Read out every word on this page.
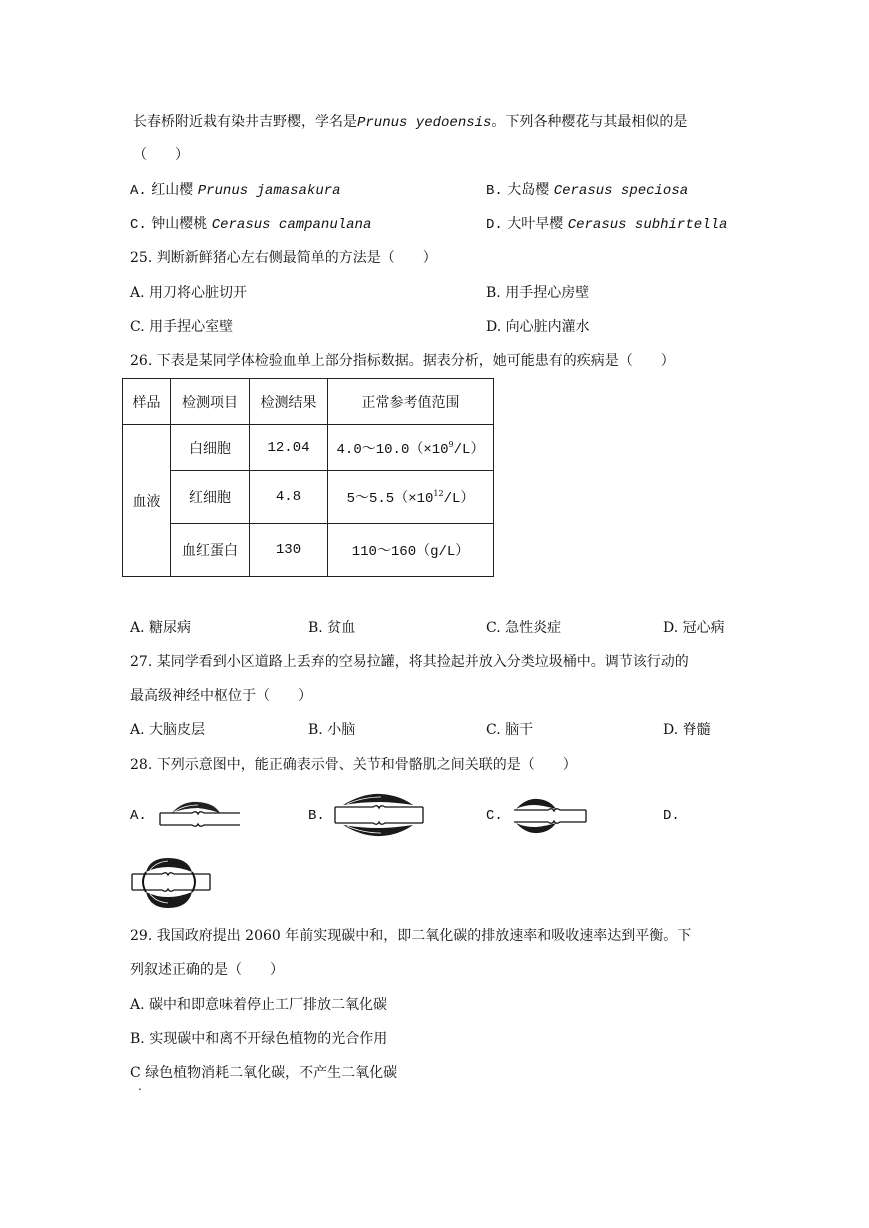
长春桥附近栽有染井吉野樱，学名是Prunus yedoensis。下列各种樱花与其最相似的是
（　　）
A. 红山樱 Prunus jamasakura	B. 大岛樱 Cerasus speciosa
C. 钟山樱桃 Cerasus campanulana	D. 大叶早樱 Cerasus subhirtella
25. 判断新鲜猪心左右侧最简单的方法是（　　）
A. 用刀将心脏切开	B. 用手捏心房壁
C. 用手捏心室壁	D. 向心脏内灌水
26. 下表是某同学体检验血单上部分指标数据。据表分析，她可能患有的疾病是（　　）
样品	检测项目	检测结果	正常参考值范围
血液	白细胞	12.04	$4.0\sim 10.0(\times 10^9/L)$
	红细胞	4.8	$5\sim 5.5(\times 10^{12}/L)$
	血红蛋白	130	110～160（g/L）
A. 糖尿病	B. 贫血	C. 急性炎症	D. 冠心病
27. 某同学看到小区道路上丢弃的空易拉罐，将其捡起并放入分类垃圾桶中。调节该行动的
最高级神经中枢位于（　　）
A. 大脑皮层	B. 小脑	C. 脑干	D. 脊髓
28. 下列示意图中，能正确表示骨、关节和骨骼肌之间关联的是（　　）
A.	B.	C.	D.
29. 我国政府提出 2060 年前实现碳中和，即二氧化碳的排放速率和吸收速率达到平衡。下
列叙述正确的是（　　）
A. 碳中和即意味着停止工厂排放二氧化碳
B. 实现碳中和离不开绿色植物的光合作用
C 绿色植物消耗二氧化碳，不产生二氧化碳
.
